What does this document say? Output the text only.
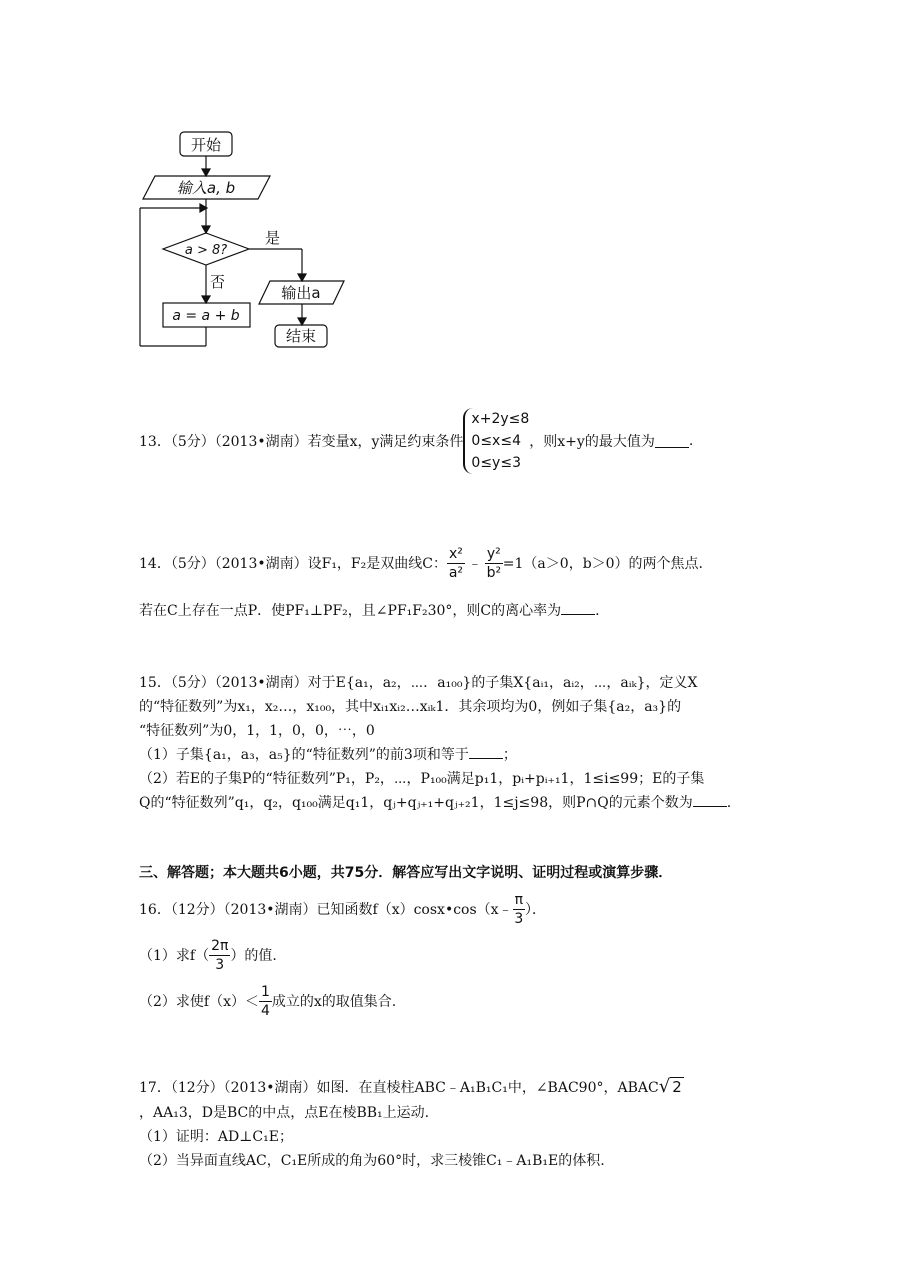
开始
输入a, b
a > 8?
是
否
a = a + b
输出a
结束
13．（5分）（2013•湖南）若变量x，y满足约束条件
x+2y≤8
0≤x≤4
0≤y≤3
，则x+y的最大值为 .
14．（5分）（2013•湖南）设F₁，F₂是双曲线C： $\frac{\text{x²}}{\text{a²}}$ ﹣ $\frac{\text{y²}}{\text{b²}} =1(a>0$，b＞0）的两个焦点.
若在C上存在一点P．使PF₁⊥PF₂，且∠PF₁F₂30°，则C的离心率为 .
15．（5分）（2013•湖南）对于E{a₁，a₂，⋯．a₁₀₀}的子集X{aᵢ₁，aᵢ₂，⋯，aᵢₖ}，定义X
的“特征数列”为x₁，x₂…，x₁₀₀，其中xᵢ₁xᵢ₂…xᵢₖ1．其余项均为0，例如子集{a₂，a₃}的
“特征数列”为0，1，1，0，0，⋯，0
（1）子集{a₁，a₃，a₅}的“特征数列”的前3项和等于 ；
（2）若E的子集P的“特征数列”P₁，P₂，⋯，P₁₀₀满足p₁1，pᵢ+pᵢ₊₁1，1≤i≤99；E的子集
Q的“特征数列”q₁，q₂，q₁₀₀满足q₁1，qⱼ+qⱼ₊₁+qⱼ₊₂1，1≤j≤98，则P∩Q的元素个数为 .
三、解答题；本大题共6小题，共75分．解答应写出文字说明、证明过程或演算步骤．
16．（12分）（2013•湖南）已知函数f（x）cosx•cos（x﹣ $\frac{\pi}{3}$ ）．
（1）求$f( \frac{2\pi}{3}$ ）的值.
（2）求使$f(x)< \frac{1}{4}$ 成立的x的取值集合.
17．（12分）（2013•湖南）如图．在直棱柱ABC﹣A₁B₁C₁中，∠BAC90°，ABAC√ 2
，AA₁3，D是BC的中点，点E在棱BB₁上运动.
（1）证明：AD⊥C₁E；
（2）当异面直线AC，C₁E所成的角为60°时，求三棱锥C₁﹣A₁B₁E的体积.
